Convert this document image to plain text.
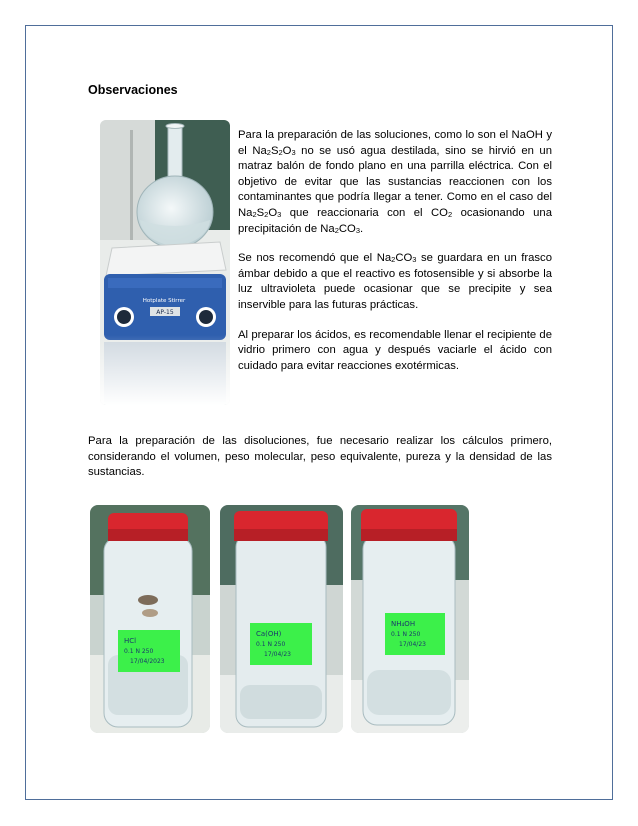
Observaciones
Hotplate Stirrer
AP-15

Para la preparación de las soluciones, como lo son el NaOH y el $Na_2S_2O_3$ no se usó agua destilada, sino se hirvió en un matraz balón de fondo plano en una parrilla eléctrica. Con el objetivo de evitar que las sustancias reaccionen con los contaminantes que podría llegar a tener. Como en el caso del $Na_2S_2O_3$ que reaccionaria con el $CO_2$ ocasionando una precipitación de $Na_2CO_3$.

Se nos recomendó que el $Na_2CO_3$ se guardara en un frasco ámbar debido a que el reactivo es fotosensible y si absorbe la luz ultravioleta puede ocasionar que se precipite y sea inservible para las futuras prácticas.

Al preparar los ácidos, es recomendable llenar el recipiente de vidrio primero con agua y después vaciarle el ácido con cuidado para evitar reacciones exotérmicas.

Para la preparación de las disoluciones, fue necesario realizar los cálculos primero, considerando el volumen, peso molecular, peso equivalente, pureza y la densidad de las sustancias.

HCl
0.1 N 250
17/04/2023
Ca(OH)
0.1 N 250
17/04/23
NH₄OH
0.1 N 250
17/04/23
